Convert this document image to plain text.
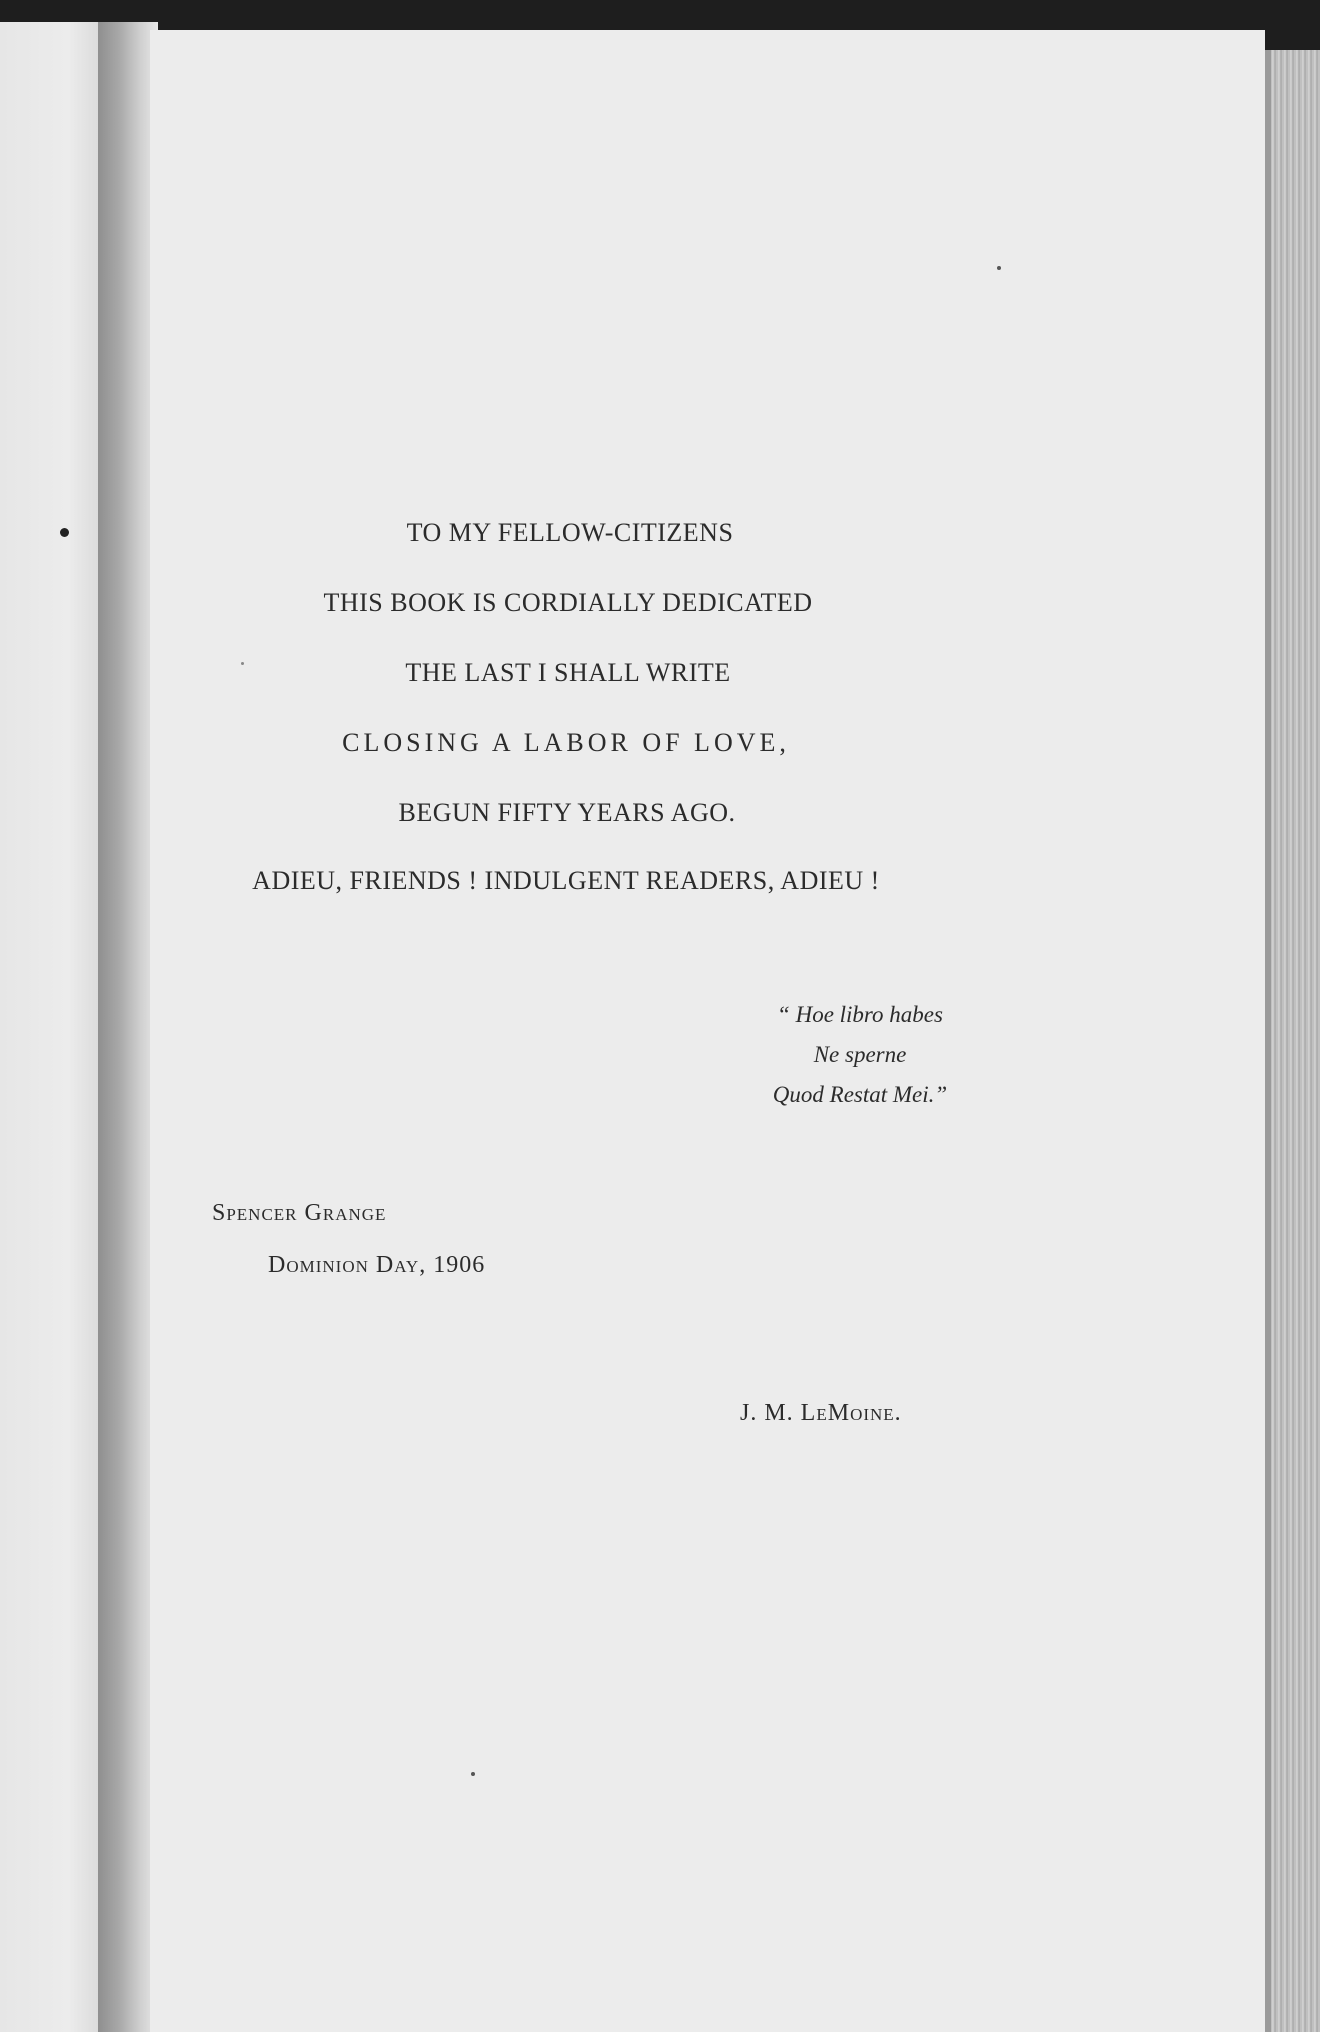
TO MY FELLOW-CITIZENS
THIS BOOK IS CORDIALLY DEDICATED
THE LAST I SHALL WRITE
CLOSING A LABOR OF LOVE,
BEGUN FIFTY YEARS AGO.
ADIEU, FRIENDS ! INDULGENT READERS, ADIEU !
“ Hoe libro habes
Ne sperne
Quod Restat Mei.”
Spencer Grange
Dominion Day, 1906
J. M. LeMoine.
